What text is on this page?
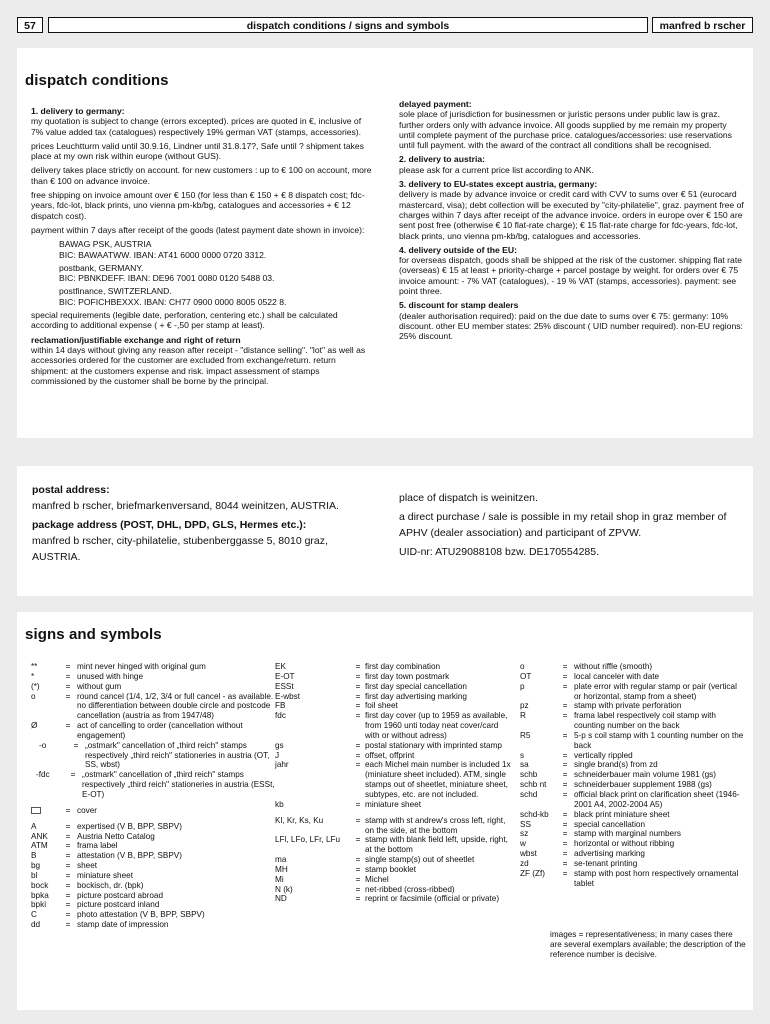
57	dispatch conditions / signs and symbols	manfred b rscher
dispatch conditions

1. delivery to germany:

my quotation is subject to change (errors excepted). prices are quoted in €, inclusive of 7% value added tax (catalogues) respectively 19% german VAT (stamps, accessories).

prices Leuchtturm valid until 30.9.16, Lindner until 31.8.17?, Safe until ? shipment takes place at my own risk within europe (without GUS).

delivery takes place strictly on account. for new customers : up to € 100 on account, more than € 100 on advance invoice.

free shipping on invoice amount over € 150 (for less than € 150 + € 8 dispatch cost; fdc-years, fdc-lot, black prints, uno vienna pm-kb/bg, catalogues and accessories + € 12 dispatch cost).

payment within 7 days after receipt of the goods (latest payment date shown in invoice):

BAWAG PSK, AUSTRIA
BIC: BAWAATWW. IBAN: AT41 6000 0000 0720 3312.

postbank, GERMANY.
BIC: PBNKDEFF. IBAN: DE96 7001 0080 0120 5488 03.

postfinance, SWITZERLAND.
BIC: POFICHBEXXX. IBAN: CH77 0900 0000 8005 0522 8.

special requirements (legible date, perforation, centering etc.) shall be calculated according to additional expense ( + € -,50 per stamp at least).

reclamation/justifiable exchange and right of return

within 14 days without giving any reason after receipt - "distance selling". "lot" as well as accessories ordered for the customer are excluded from exchange/return. return shipment: at the customers expense and risk. impact assessment of stamps commissioned by the customer shall be borne by the principal.

delayed payment:

sole place of jurisdiction for businessmen or juristic persons under public law is graz. further orders only with advance invoice. All goods supplied by me remain my property until complete payment of the purchase price. catalogues/accessories: use reservations until full payment. with the award of the contract all conditions shall be recognised.

2. delivery to austria:

please ask for a current price list according to ANK.

3. delivery to EU-states except austria, germany:

delivery is made by advance invoice or credit card with CVV to sums over € 51 (eurocard mastercard, visa); debt collection will be executed by "city-philatelie", graz. payment free of charges within 7 days after receipt of the advance invoice. orders in europe over € 150 are sent post free (otherwise € 10 flat-rate charge); € 15 flat-rate charge for fdc-years, fdc-lot, black prints, uno vienna pm-kb/bg, catalogues and accessories.

4. delivery outside of the EU:

for overseas dispatch, goods shall be shipped at the risk of the customer. shipping flat rate (overseas) € 15 at least + priority-charge + parcel postage by weight. for orders over € 75 invoice amount: - 7% VAT (catalogues), - 19 % VAT (stamps, accessories). payment: see point three.

5. discount for stamp dealers

(dealer authorisation required): paid on the due date to sums over € 75: germany: 10% discount. other EU member states: 25% discount ( UID number required). non-EU regions: 25% discount.

postal address:

manfred b rscher, briefmarkenversand, 8044 weinitzen, AUSTRIA.

package address (POST, DHL, DPD, GLS, Hermes etc.):

manfred b rscher, city-philatelie, stubenberggasse 5, 8010 graz, AUSTRIA.

place of dispatch is weinitzen.

a direct purchase / sale is possible in my retail shop in graz member of APHV (dealer association) and participant of ZPVW.

UID-nr: ATU29088108 bzw. DE170554285.

signs and symbols
**	= mint never hinged with original gum
*	= unused with hinge
(*)	= without gum
o	= round cancel (1/4, 1/2, 3/4 or full cancel - as available. no differentiation between double circle and postcode cancellation (austria as from 1947/48)
Ø	= act of cancelling to order (cancellation without engagement)
-o	= „ostmark" cancellation of „third reich" stamps respectively „third reich" stationeries in austria (OT, SS, wbst)
-fdc	= „ostmark" cancellation of „third reich" stamps respectively „third reich" stationeries in austria (ESSt, E-OT)
= cover
A	= expertised (V B, BPP, SBPV)
ANK	= Austria Netto Catalog
ATM	= frama label
B	= attestation (V B, BPP, SBPV)
bg	= sheet
bl	= miniature sheet
bock	= bockisch, dr. (bpk)
bpka	= picture postcard abroad
bpki	= picture postcard inland
C	= photo attestation (V B, BPP, SBPV)
dd	= stamp date of impression
EK	= first day combination
E-OT	= first day town postmark
ESSt	= first day special cancellation
E-wbst	= first day advertising marking
FB	= foil sheet
fdc	= first day cover (up to 1959 as available, from 1960 unti today neat cover/card with or without adress)
gs	= postal stationary with imprinted stamp
J	= offset, offprint
jahr	= each Michel main number is included 1x (miniature sheet included). ATM, single stamps out of sheetlet, miniature sheet, subtypes, etc. are not included.
kb	= miniature sheet
Kl, Kr, Ks, Ku	= stamp with st andrew's cross left, right, on the side, at the bottom
LFl, LFo, LFr, LFu	= stamp with blank field left, upside, right, at the bottom
ma	= single stamp(s) out of sheetlet
MH	= stamp booklet
Mi	= Michel
N (k)	= net-ribbed (cross-ribbed)
ND	= reprint or facsimile (official or private)
o	= without riffle (smooth)
OT	= local canceler with date
p	= plate error with regular stamp or pair (vertical or horizontal, stamp from a sheet)
pz	= stamp with private perforation
R	= frama label respectively coil stamp with counting number on the back
R5	= 5-p s coil stamp with 1 counting number on the back
s	= vertically rippled
sa	= single brand(s) from zd
schb	= schneiderbauer main volume 1981 (gs)
schb nt	= schneiderbauer supplement 1988 (gs)
schd	= official black print on clarification sheet (1946-2001 A4, 2002-2004 A5)
schd-kb	= black print miniature sheet
SS	= special cancellation
sz	= stamp with marginal numbers
w	= horizontal or without ribbing
wbst	= advertising marking
zd	= se-tenant printing
ZF (Zf)	= stamp with post horn respectively ornamental tablet
images = representativeness; in many cases there are several exemplars available; the description of the reference number is decisive.
